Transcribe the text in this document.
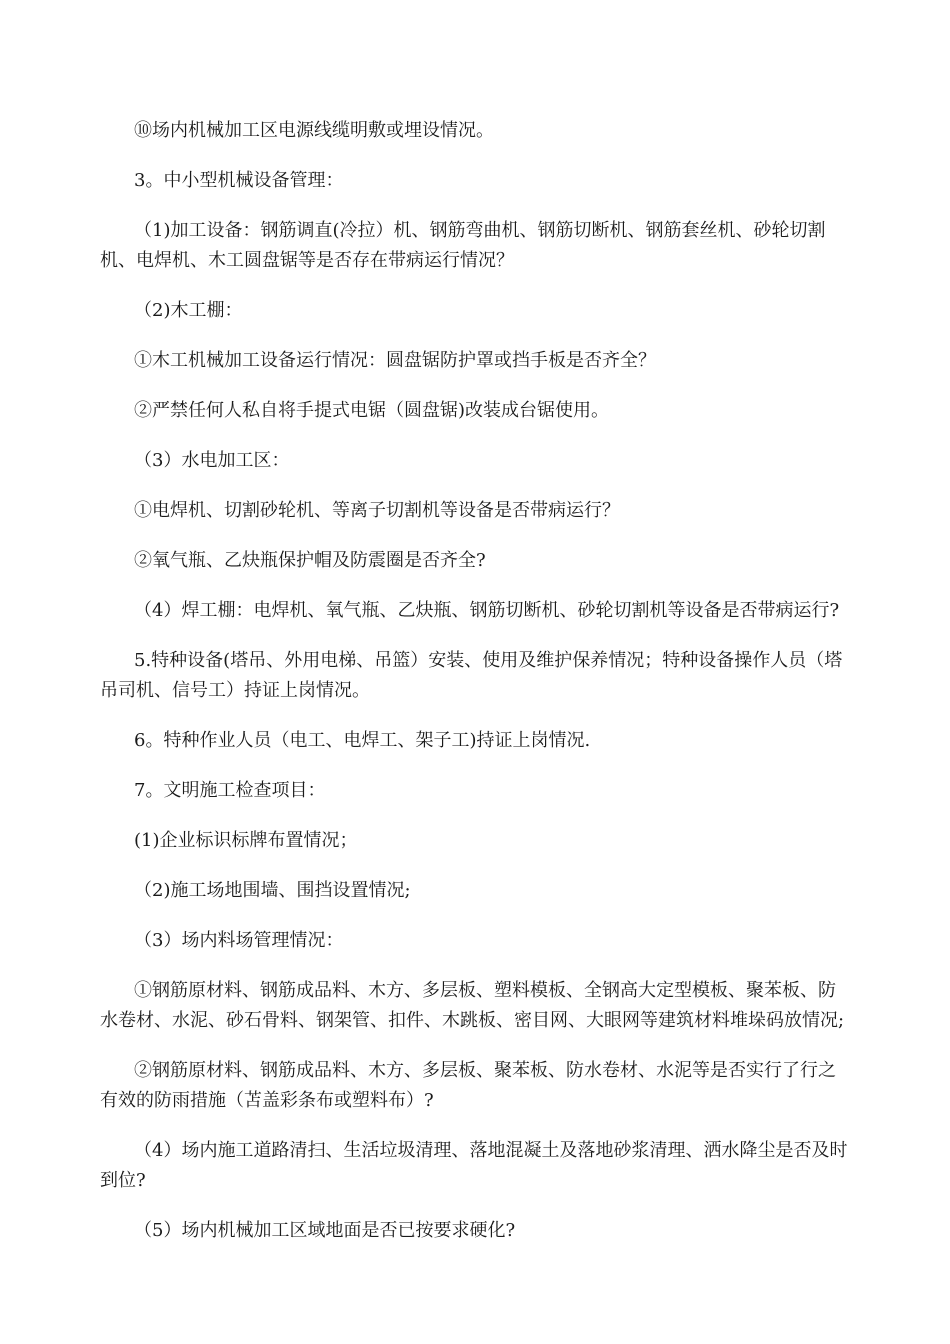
⑩场内机械加工区电源线缆明敷或埋设情况。

3。中小型机械设备管理：

（1)加工设备：钢筋调直(冷拉）机、钢筋弯曲机、钢筋切断机、钢筋套丝机、砂轮切割机、电焊机、木工圆盘锯等是否存在带病运行情况？

（2)木工棚：

①木工机械加工设备运行情况：圆盘锯防护罩或挡手板是否齐全？

②严禁任何人私自将手提式电锯（圆盘锯)改装成台锯使用。

（3）水电加工区：

①电焊机、切割砂轮机、等离子切割机等设备是否带病运行？

②氧气瓶、乙炔瓶保护帽及防震圈是否齐全?

（4）焊工棚：电焊机、氧气瓶、乙炔瓶、钢筋切断机、砂轮切割机等设备是否带病运行?

5.特种设备(塔吊、外用电梯、吊篮）安装、使用及维护保养情况；特种设备操作人员（塔吊司机、信号工）持证上岗情况。

6。特种作业人员（电工、电焊工、架子工)持证上岗情况.

7。文明施工检查项目：

(1)企业标识标牌布置情况；

（2)施工场地围墙、围挡设置情况;

（3）场内料场管理情况：

①钢筋原材料、钢筋成品料、木方、多层板、塑料模板、全钢高大定型模板、聚苯板、防水卷材、水泥、砂石骨料、钢架管、扣件、木跳板、密目网、大眼网等建筑材料堆垛码放情况;

②钢筋原材料、钢筋成品料、木方、多层板、聚苯板、防水卷材、水泥等是否实行了行之有效的防雨措施（苫盖彩条布或塑料布）?

（4）场内施工道路清扫、生活垃圾清理、落地混凝土及落地砂浆清理、洒水降尘是否及时到位?

（5）场内机械加工区域地面是否已按要求硬化?
